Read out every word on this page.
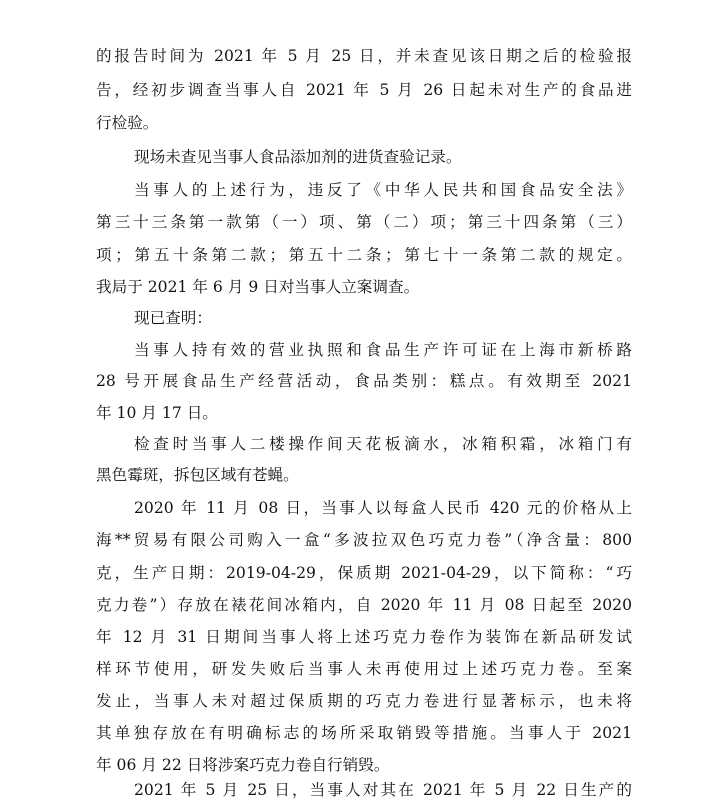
的报告时间为 2021 年 5 月 25 日，并未查见该日期之后的检验报
告，经初步调查当事人自 2021 年 5 月 26 日起未对生产的食品进
行检验。
现场未查见当事人食品添加剂的进货查验记录。
当事人的上述行为，违反了《中华人民共和国食品安全法》
第三十三条第一款第（一）项、第（二）项；第三十四条第（三）
项；第五十条第二款；第五十二条；第七十一条第二款的规定。
我局于 2021 年 6 月 9 日对当事人立案调查。
现已查明：
当事人持有效的营业执照和食品生产许可证在上海市新桥路
28 号开展食品生产经营活动，食品类别：糕点。有效期至 2021
年 10 月 17 日。
检查时当事人二楼操作间天花板滴水，冰箱积霜，冰箱门有
黑色霉斑，拆包区域有苍蝇。
2020 年 11 月 08 日，当事人以每盒人民币 420 元的价格从上
海**贸易有限公司购入一盒“多波拉双色巧克力卷”（净含量：800
克，生产日期：2019-04-29，保质期 2021-04-29，以下简称：“巧
克力卷”）存放在裱花间冰箱内，自 2020 年 11 月 08 日起至 2020
年 12 月 31 日期间当事人将上述巧克力卷作为装饰在新品研发试
样环节使用，研发失败后当事人未再使用过上述巧克力卷。至案
发止，当事人未对超过保质期的巧克力卷进行显著标示，也未将
其单独存放在有明确标志的场所采取销毁等措施。当事人于 2021
年 06 月 22 日将涉案巧克力卷自行销毁。
2021 年 5 月 25 日，当事人对其在 2021 年 5 月 22 日生产的
